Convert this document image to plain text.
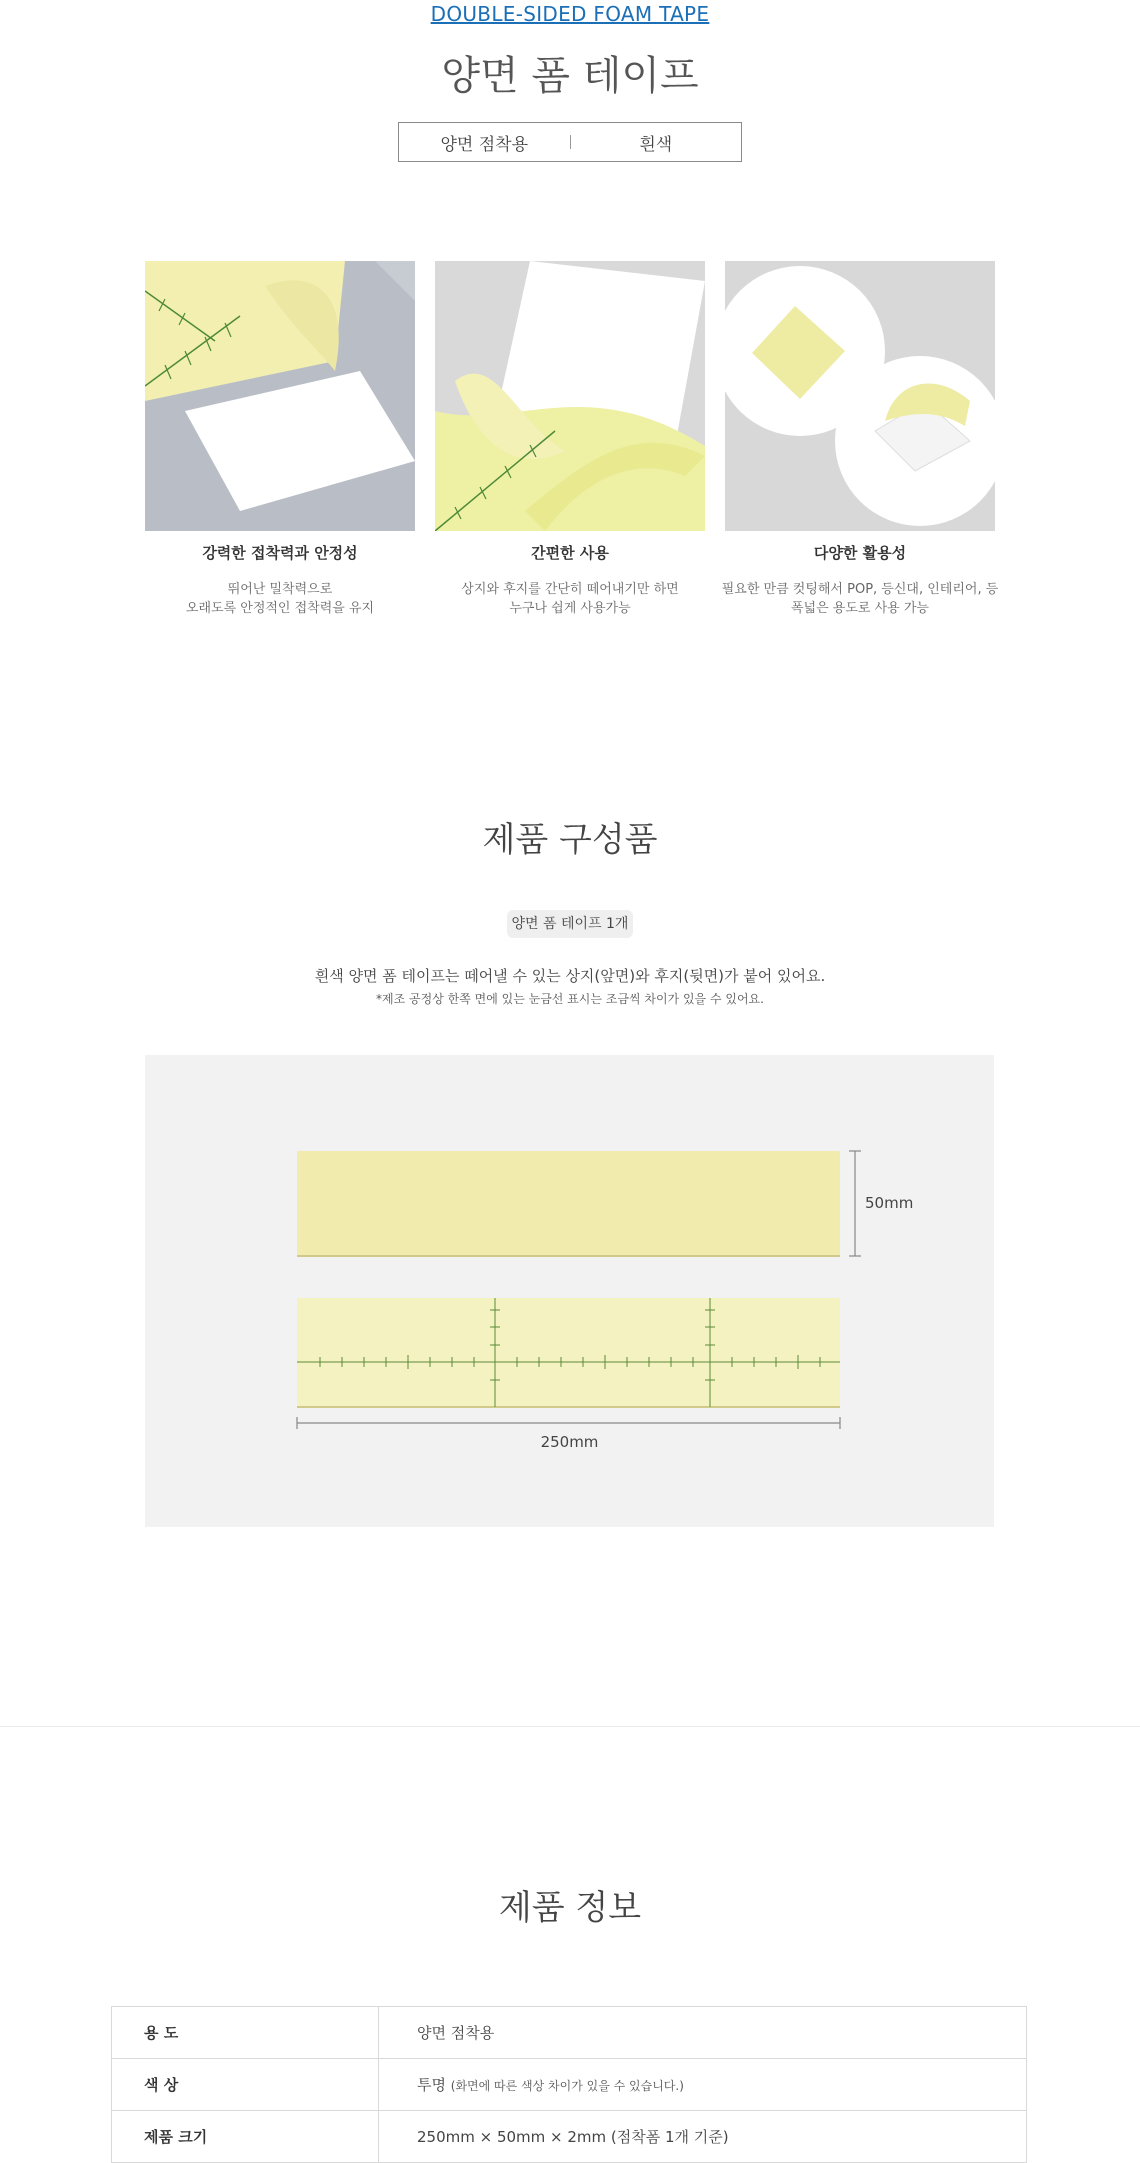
DOUBLE-SIDED FOAM TAPE
양면 폼 테이프
양면 점착용	흰색
강력한 접착력과 안정성
뛰어난 밀착력으로
오래도록 안정적인 접착력을 유지
간편한 사용
상지와 후지를 간단히 떼어내기만 하면
누구나 쉽게 사용가능
다양한 활용성
필요한 만큼 컷팅해서 POP, 등신대, 인테리어, 등
폭넓은 용도로 사용 가능
제품 구성품
양면 폼 테이프 1개
흰색 양면 폼 테이프는 떼어낼 수 있는 상지(앞면)와 후지(뒷면)가 붙어 있어요.
*제조 공정상 한쪽 면에 있는 눈금선 표시는 조금씩 차이가 있을 수 있어요.
50mm
250mm
제품 정보
용 도	양면 점착용
색 상	투명 (화면에 따른 색상 차이가 있을 수 있습니다.)
제품 크기	250mm × 50mm × 2mm (점착폼 1개 기준)
